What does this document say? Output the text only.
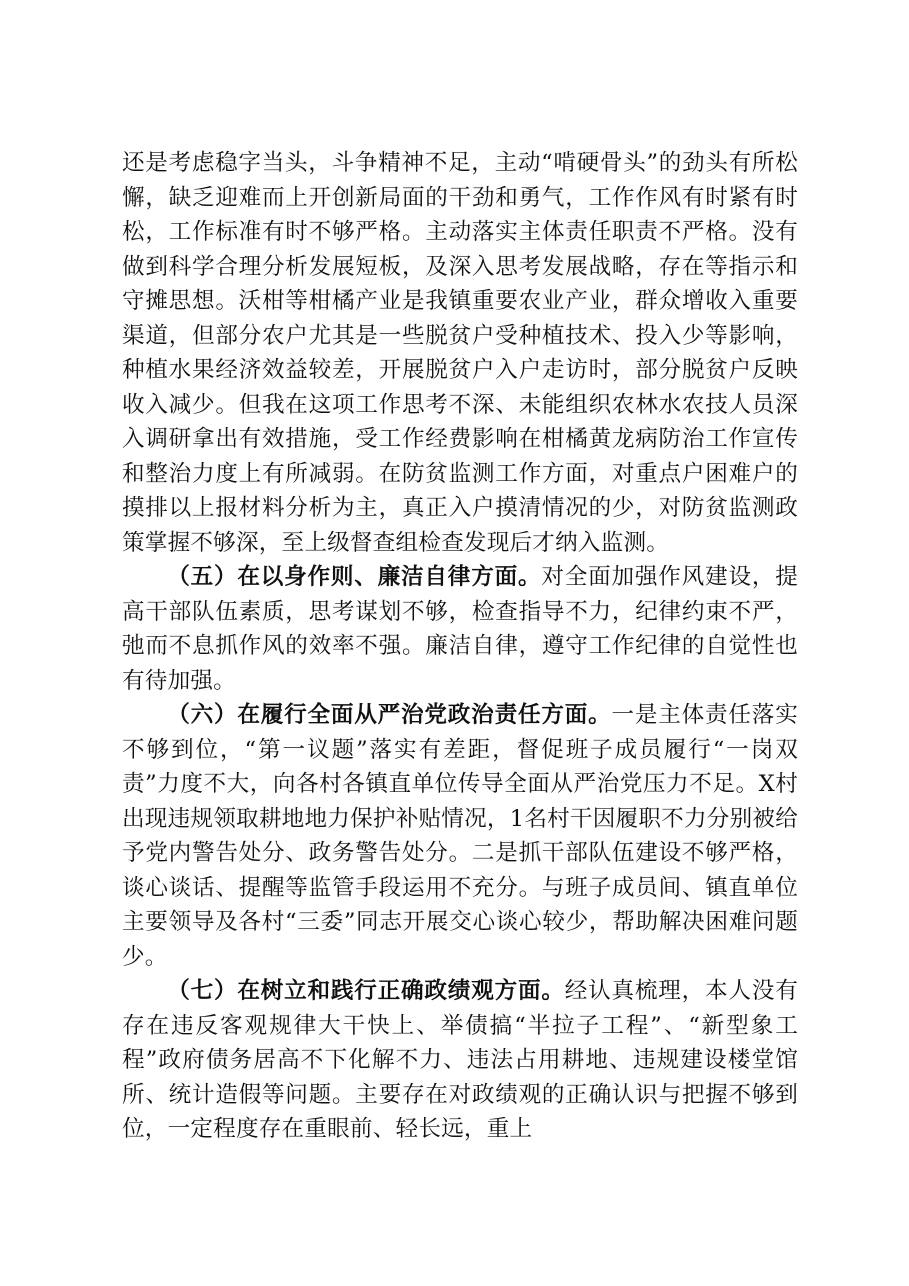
还是考虑稳字当头，斗争精神不足，主动“啃硬骨头”的劲头有所松懈，缺乏迎难而上开创新局面的干劲和勇气，工作作风有时紧有时松，工作标准有时不够严格。主动落实主体责任职责不严格。没有做到科学合理分析发展短板，及深入思考发展战略，存在等指示和守摊思想。沃柑等柑橘产业是我镇重要农业产业，群众增收入重要渠道，但部分农户尤其是一些脱贫户受种植技术、投入少等影响，种植水果经济效益较差，开展脱贫户入户走访时，部分脱贫户反映收入减少。但我在这项工作思考不深、未能组织农林水农技人员深入调研拿出有效措施，受工作经费影响在柑橘黄龙病防治工作宣传和整治力度上有所减弱。在防贫监测工作方面，对重点户困难户的摸排以上报材料分析为主，真正入户摸清情况的少，对防贫监测政策掌握不够深，至上级督查组检查发现后才纳入监测。

（五）在以身作则、廉洁自律方面。对全面加强作风建设，提高干部队伍素质，思考谋划不够，检查指导不力，纪律约束不严，弛而不息抓作风的效率不强。廉洁自律，遵守工作纪律的自觉性也有待加强。

（六）在履行全面从严治党政治责任方面。一是主体责任落实不够到位，“第一议题”落实有差距，督促班子成员履行“一岗双责”力度不大，向各村各镇直单位传导全面从严治党压力不足。X村出现违规领取耕地地力保护补贴情况，1名村干因履职不力分别被给予党内警告处分、政务警告处分。二是抓干部队伍建设不够严格，谈心谈话、提醒等监管手段运用不充分。与班子成员间、镇直单位主要领导及各村“三委”同志开展交心谈心较少，帮助解决困难问题少。

（七）在树立和践行正确政绩观方面。经认真梳理，本人没有存在违反客观规律大干快上、举债搞“半拉子工程”、“新型象工程”政府债务居高不下化解不力、违法占用耕地、违规建设楼堂馆所、统计造假等问题。主要存在对政绩观的正确认识与把握不够到位，一定程度存在重眼前、轻长远，重上
